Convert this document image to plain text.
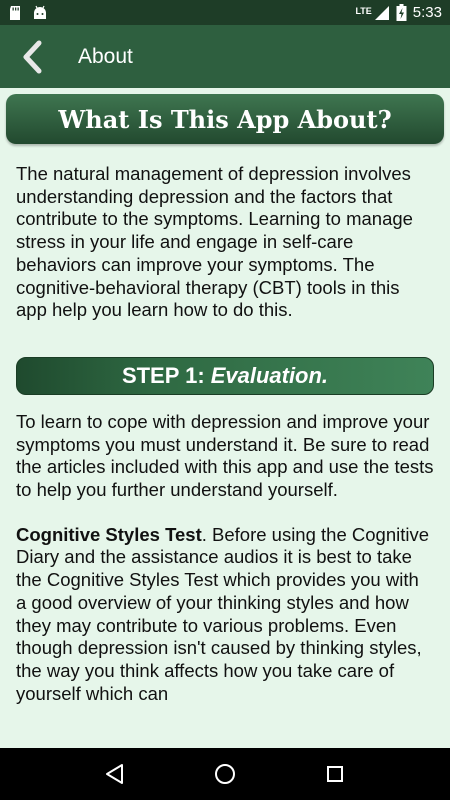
LTE	5:33
About
What Is This App About?

The natural management of depression involves understanding depression and the factors that contribute to the symptoms. Learning to manage stress in your life and engage in self-care behaviors can improve your symptoms. The cognitive-behavioral therapy (CBT) tools in this app help you learn how to do this.

STEP 1: Evaluation.

To learn to cope with depression and improve your symptoms you must understand it. Be sure to read the articles included with this app and use the tests to help you further understand yourself.

Cognitive Styles Test. Before using the Cognitive Diary and the assistance audios it is best to take the Cognitive Styles Test which provides you with a good overview of your thinking styles and how they may contribute to various problems. Even though depression isn't caused by thinking styles, the way you think affects how you take care of yourself which can
